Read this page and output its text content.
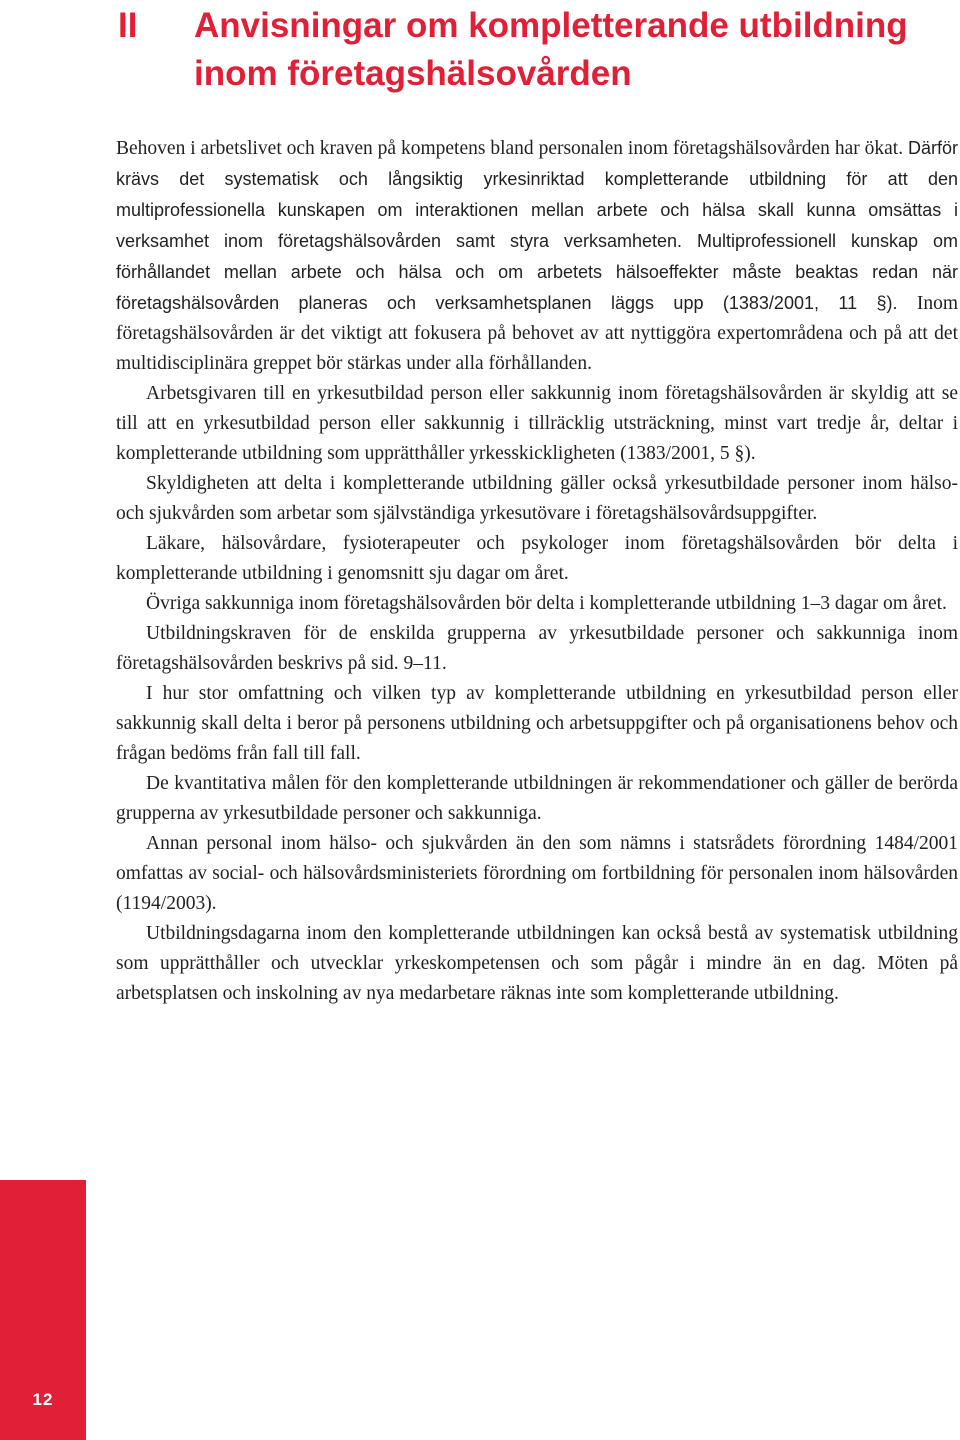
II Anvisningar om kompletterande utbildning inom företagshälsovården

Behoven i arbetslivet och kraven på kompetens bland personalen inom företagshälsovården har ökat. Därför krävs det systematisk och långsiktig yrkesinriktad kompletterande utbildning för att den multiprofessionella kunskapen om interaktionen mellan arbete och hälsa skall kunna omsättas i verksamhet inom företagshälsovården samt styra verksamheten. Multiprofessionell kunskap om förhållandet mellan arbete och hälsa och om arbetets hälsoeffekter måste beaktas redan när företagshälsovården planeras och verksamhetsplanen läggs upp (1383/2001, 11 §). Inom företagshälsovården är det viktigt att fokusera på behovet av att nyttiggöra expertområdena och på att det multidisciplinära greppet bör stärkas under alla förhållanden.

Arbetsgivaren till en yrkesutbildad person eller sakkunnig inom företagshälsovården är skyldig att se till att en yrkesutbildad person eller sakkunnig i tillräcklig utsträckning, minst vart tredje år, deltar i kompletterande utbildning som upprätthåller yrkesskickligheten (1383/2001, 5 §).

Skyldigheten att delta i kompletterande utbildning gäller också yrkesutbildade personer inom hälso- och sjukvården som arbetar som självständiga yrkesutövare i företagshälsovårdsuppgifter.

Läkare, hälsovårdare, fysioterapeuter och psykologer inom företagshälsovården bör delta i kompletterande utbildning i genomsnitt sju dagar om året.

Övriga sakkunniga inom företagshälsovården bör delta i kompletterande utbildning 1–3 dagar om året.

Utbildningskraven för de enskilda grupperna av yrkesutbildade personer och sakkunniga inom företagshälsovården beskrivs på sid. 9–11.

I hur stor omfattning och vilken typ av kompletterande utbildning en yrkesutbildad person eller sakkunnig skall delta i beror på personens utbildning och arbetsuppgifter och på organisationens behov och frågan bedöms från fall till fall.

De kvantitativa målen för den kompletterande utbildningen är rekommendationer och gäller de berörda grupperna av yrkesutbildade personer och sakkunniga.

Annan personal inom hälso- och sjukvården än den som nämns i statsrådets förordning 1484/2001 omfattas av social- och hälsovårdsministeriets förordning om fortbildning för personalen inom hälsovården (1194/2003).

Utbildningsdagarna inom den kompletterande utbildningen kan också bestå av systematisk utbildning som upprätthåller och utvecklar yrkeskompetensen och som pågår i mindre än en dag. Möten på arbetsplatsen och inskolning av nya medarbetare räknas inte som kompletterande utbildning.

12
